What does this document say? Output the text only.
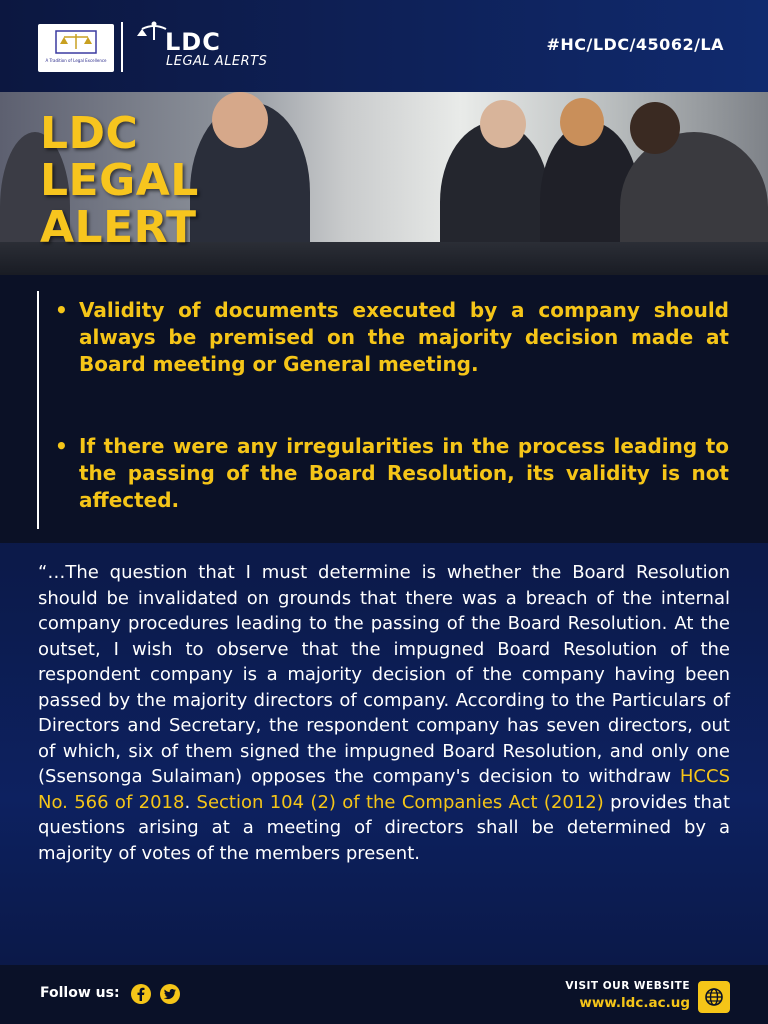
A Tradition of Legal Excellence
LDC
LEGAL ALERTS
#HC/LDC/45062/LA
LDC
LEGAL
ALERT
• Validity of documents executed by a company should always be premised on the majority decision made at Board meeting or General meeting.
• If there were any irregularities in the process leading to the passing of the Board Resolution, its validity is not affected.
“…The question that I must determine is whether the Board Resolution should be invalidated on grounds that there was a breach of the internal company procedures leading to the passing of the Board Resolution. At the outset, I wish to observe that the impugned Board Resolution of the respondent company is a majority decision of the company having been passed by the majority directors of company. According to the Particulars of Directors and Secretary, the respondent company has seven directors, out of which, six of them signed the impugned Board Resolution, and only one (Ssensonga Sulaiman) opposes the company's decision to withdraw HCCS No. 566 of 2018. Section 104 (2) of the Companies Act (2012) provides that questions arising at a meeting of directors shall be determined by a majority of votes of the members present.
Follow us:	VISIT OUR WEBSITE
www.ldc.ac.ug
